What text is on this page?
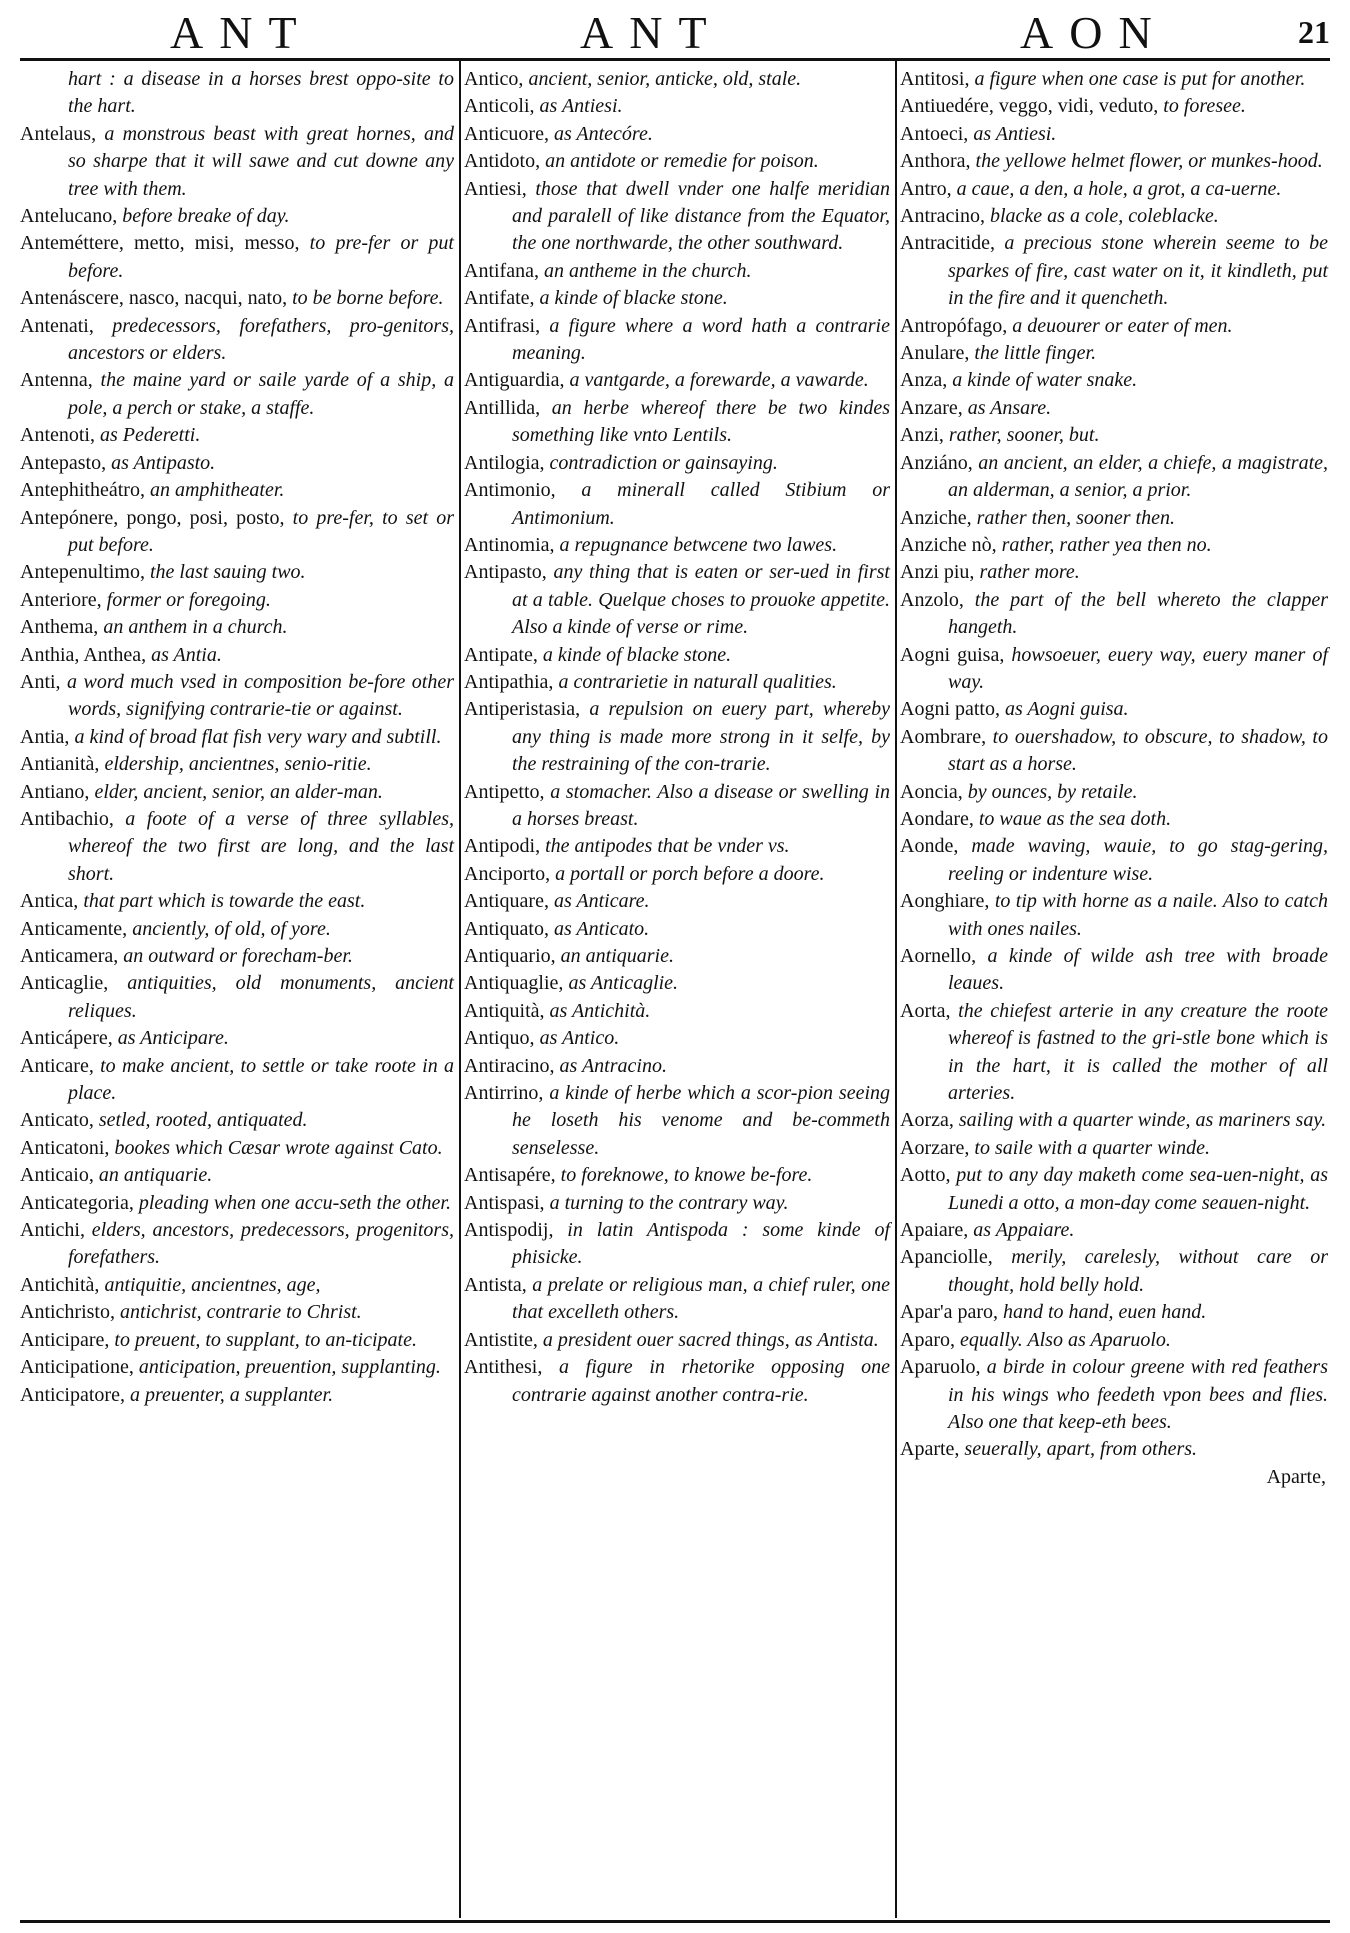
ANT	ANT	AON	21

hart : a disease in a horses brest oppo-site to the hart.

Antelaus, a monstrous beast with great hornes, and so sharpe that it will sawe and cut downe any tree with them.

Antelucano, before breake of day.

Anteméttere, metto, misi, messo, to pre-fer or put before.

Antenáscere, nasco, nacqui, nato, to be borne before.

Antenati, predecessors, forefathers, pro-genitors, ancestors or elders.

Antenna, the maine yard or saile yarde of a ship, a pole, a perch or stake, a staffe.

Antenoti, as Pederetti.

Antepasto, as Antipasto.

Antephitheátro, an amphitheater.

Antepónere, pongo, posi, posto, to pre-fer, to set or put before.

Antepenultimo, the last sauing two.

Anteriore, former or foregoing.

Anthema, an anthem in a church.

Anthia, Anthea, as Antia.

Anti, a word much vsed in composition be-fore other words, signifying contrarie-tie or against.

Antia, a kind of broad flat fish very wary and subtill.

Antianità, eldership, ancientnes, senio-ritie.

Antiano, elder, ancient, senior, an alder-man.

Antibachio, a foote of a verse of three syllables, whereof the two first are long, and the last short.

Antica, that part which is towarde the east.

Anticamente, anciently, of old, of yore.

Anticamera, an outward or forecham-ber.

Anticaglie, antiquities, old monuments, ancient reliques.

Anticápere, as Anticipare.

Anticare, to make ancient, to settle or take roote in a place.

Anticato, setled, rooted, antiquated.

Anticatoni, bookes which Cæsar wrote against Cato.

Anticaio, an antiquarie.

Anticategoria, pleading when one accu-seth the other.

Antichi, elders, ancestors, predecessors, progenitors, forefathers.

Antichità, antiquitie, ancientnes, age,

Antichristo, antichrist, contrarie to Christ.

Anticipare, to preuent, to supplant, to an-ticipate.

Anticipatione, anticipation, preuention, supplanting.

Anticipatore, a preuenter, a supplanter.

Antico, ancient, senior, anticke, old, stale.

Anticoli, as Antiesi.

Anticuore, as Antecóre.

Antidoto, an antidote or remedie for poison.

Antiesi, those that dwell vnder one halfe meridian and paralell of like distance from the Equator, the one northwarde, the other southward.

Antifana, an antheme in the church.

Antifate, a kinde of blacke stone.

Antifrasi, a figure where a word hath a contrarie meaning.

Antiguardia, a vantgarde, a forewarde, a vawarde.

Antillida, an herbe whereof there be two kindes something like vnto Lentils.

Antilogia, contradiction or gainsaying.

Antimonio, a minerall called Stibium or Antimonium.

Antinomia, a repugnance betwcene two lawes.

Antipasto, any thing that is eaten or ser-ued in first at a table. Quelque choses to prouoke appetite. Also a kinde of verse or rime.

Antipate, a kinde of blacke stone.

Antipathia, a contrarietie in naturall qualities.

Antiperistasia, a repulsion on euery part, whereby any thing is made more strong in it selfe, by the restraining of the con-trarie.

Antipetto, a stomacher. Also a disease or swelling in a horses breast.

Antipodi, the antipodes that be vnder vs.

Anciporto, a portall or porch before a doore.

Antiquare, as Anticare.

Antiquato, as Anticato.

Antiquario, an antiquarie.

Antiquaglie, as Anticaglie.

Antiquità, as Antichità.

Antiquo, as Antico.

Antiracino, as Antracino.

Antirrino, a kinde of herbe which a scor-pion seeing he loseth his venome and be-commeth senselesse.

Antisapére, to foreknowe, to knowe be-fore.

Antispasi, a turning to the contrary way.

Antispodij, in latin Antispoda : some kinde of phisicke.

Antista, a prelate or religious man, a chief ruler, one that excelleth others.

Antistite, a president ouer sacred things, as Antista.

Antithesi, a figure in rhetorike opposing one contrarie against another contra-rie.

Antitosi, a figure when one case is put for another.

Antiuedére, veggo, vidi, veduto, to foresee.

Antoeci, as Antiesi.

Anthora, the yellowe helmet flower, or munkes-hood.

Antro, a caue, a den, a hole, a grot, a ca-uerne.

Antracino, blacke as a cole, coleblacke.

Antracitide, a precious stone wherein seeme to be sparkes of fire, cast water on it, it kindleth, put in the fire and it quencheth.

Antropófago, a deuourer or eater of men.

Anulare, the little finger.

Anza, a kinde of water snake.

Anzare, as Ansare.

Anzi, rather, sooner, but.

Anziáno, an ancient, an elder, a chiefe, a magistrate, an alderman, a senior, a prior.

Anziche, rather then, sooner then.

Anziche nò, rather, rather yea then no.

Anzi piu, rather more.

Anzolo, the part of the bell whereto the clapper hangeth.

Aogni guisa, howsoeuer, euery way, euery maner of way.

Aogni patto, as Aogni guisa.

Aombrare, to ouershadow, to obscure, to shadow, to start as a horse.

Aoncia, by ounces, by retaile.

Aondare, to waue as the sea doth.

Aonde, made waving, wauie, to go stag-gering, reeling or indenture wise.

Aonghiare, to tip with horne as a naile. Also to catch with ones nailes.

Aornello, a kinde of wilde ash tree with broade leaues.

Aorta, the chiefest arterie in any creature the roote whereof is fastned to the gri-stle bone which is in the hart, it is called the mother of all arteries.

Aorza, sailing with a quarter winde, as mariners say.

Aorzare, to saile with a quarter winde.

Aotto, put to any day maketh come sea-uen-night, as Lunedi a otto, a mon-day come seauen-night.

Apaiare, as Appaiare.

Apanciolle, merily, carelesly, without care or thought, hold belly hold.

Apar'a paro, hand to hand, euen hand.

Aparo, equally. Also as Aparuolo.

Aparuolo, a birde in colour greene with red feathers in his wings who feedeth vpon bees and flies. Also one that keep-eth bees.

Aparte, seuerally, apart, from others.

Aparte,
